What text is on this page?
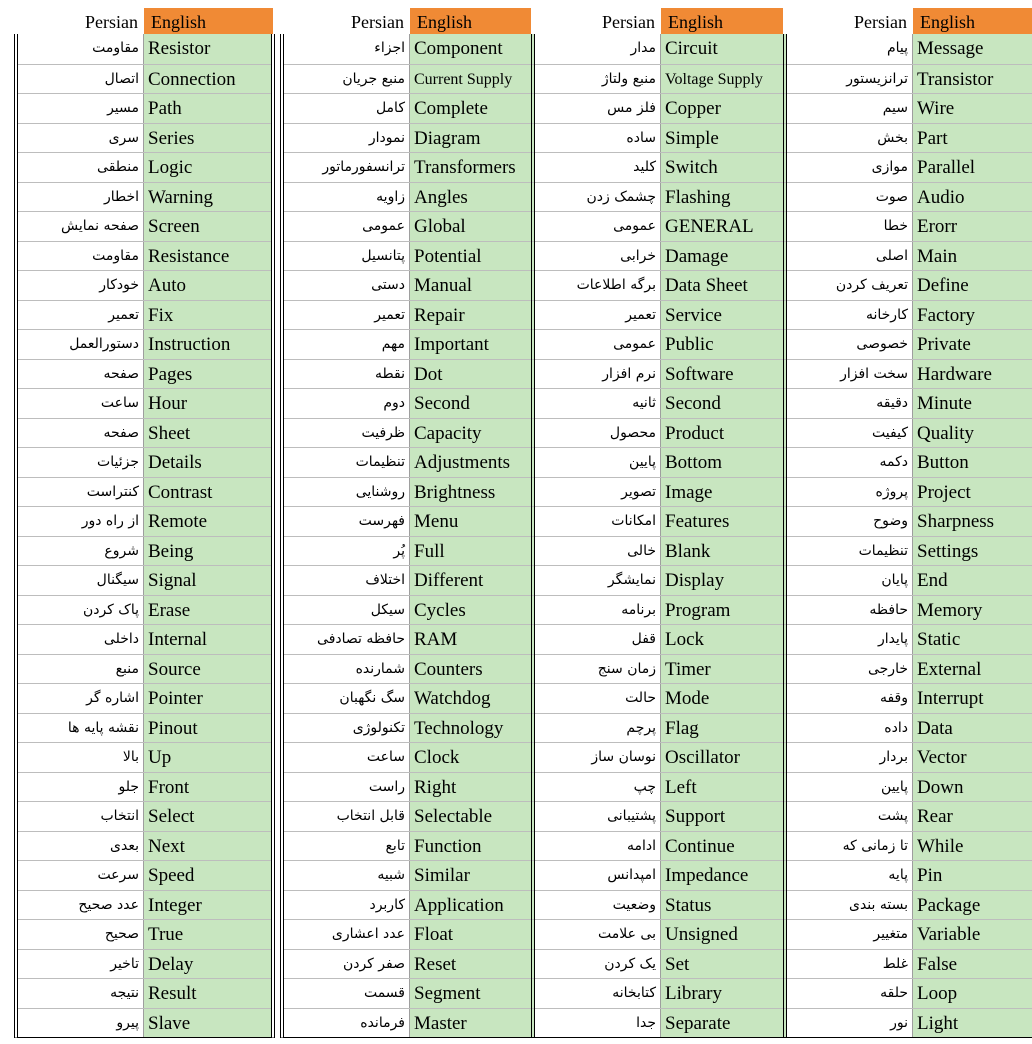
Persian English
مقاومت Resistor
اتصال Connection
مسیر Path
سری Series
منطقی Logic
اخطار Warning
صفحه نمایش Screen
مقاومت Resistance
خودکار Auto
تعمیر Fix
دستورالعمل Instruction
صفحه Pages
ساعت Hour
صفحه Sheet
جزئیات Details
کنتراست Contrast
از راه دور Remote
شروع Being
سیگنال Signal
پاک کردن Erase
داخلی Internal
منبع Source
اشاره گر Pointer
نقشه پایه ها Pinout
بالا Up
جلو Front
انتخاب Select
بعدی Next
سرعت Speed
عدد صحیح Integer
صحیح True
تاخیر Delay
نتیجه Result
پیرو Slave
Persian English
اجزاء Component
منبع جریان Current Supply
کامل Complete
نمودار Diagram
ترانسفورماتور Transformers
زاویه Angles
عمومی Global
پتانسیل Potential
دستی Manual
تعمیر Repair
مهم Important
نقطه Dot
دوم Second
ظرفیت Capacity
تنظیمات Adjustments
روشنایی Brightness
فهرست Menu
پُر Full
اختلاف Different
سیکل Cycles
حافظه تصادفی RAM
شمارنده Counters
سگ نگهبان Watchdog
تکنولوژی Technology
ساعت Clock
راست Right
قابل انتخاب Selectable
تابع Function
شبیه Similar
کاربرد Application
عدد اعشاری Float
صفر کردن Reset
قسمت Segment
فرمانده Master
Persian English
مدار Circuit
منبع ولتاژ Voltage Supply
فلز مس Copper
ساده Simple
کلید Switch
چشمک زدن Flashing
عمومی GENERAL
خرابی Damage
برگه اطلاعات Data Sheet
تعمیر Service
عمومی Public
نرم افزار Software
ثانیه Second
محصول Product
پایین Bottom
تصویر Image
امکانات Features
خالی Blank
نمایشگر Display
برنامه Program
قفل Lock
زمان سنج Timer
حالت Mode
پرچم Flag
نوسان ساز Oscillator
چپ Left
پشتیبانی Support
ادامه Continue
امپدانس Impedance
وضعیت Status
بی علامت Unsigned
یک کردن Set
کتابخانه Library
جدا Separate
Persian English
پیام Message
ترانزیستور Transistor
سیم Wire
بخش Part
موازی Parallel
صوت Audio
خطا Erorr
اصلی Main
تعریف کردن Define
کارخانه Factory
خصوصی Private
سخت افزار Hardware
دقیقه Minute
کیفیت Quality
دکمه Button
پروژه Project
وضوح Sharpness
تنظیمات Settings
پایان End
حافظه Memory
پایدار Static
خارجی External
وقفه Interrupt
داده Data
بردار Vector
پایین Down
پشت Rear
تا زمانی که While
پایه Pin
بسته بندی Package
متغییر Variable
غلط False
حلقه Loop
نور Light
